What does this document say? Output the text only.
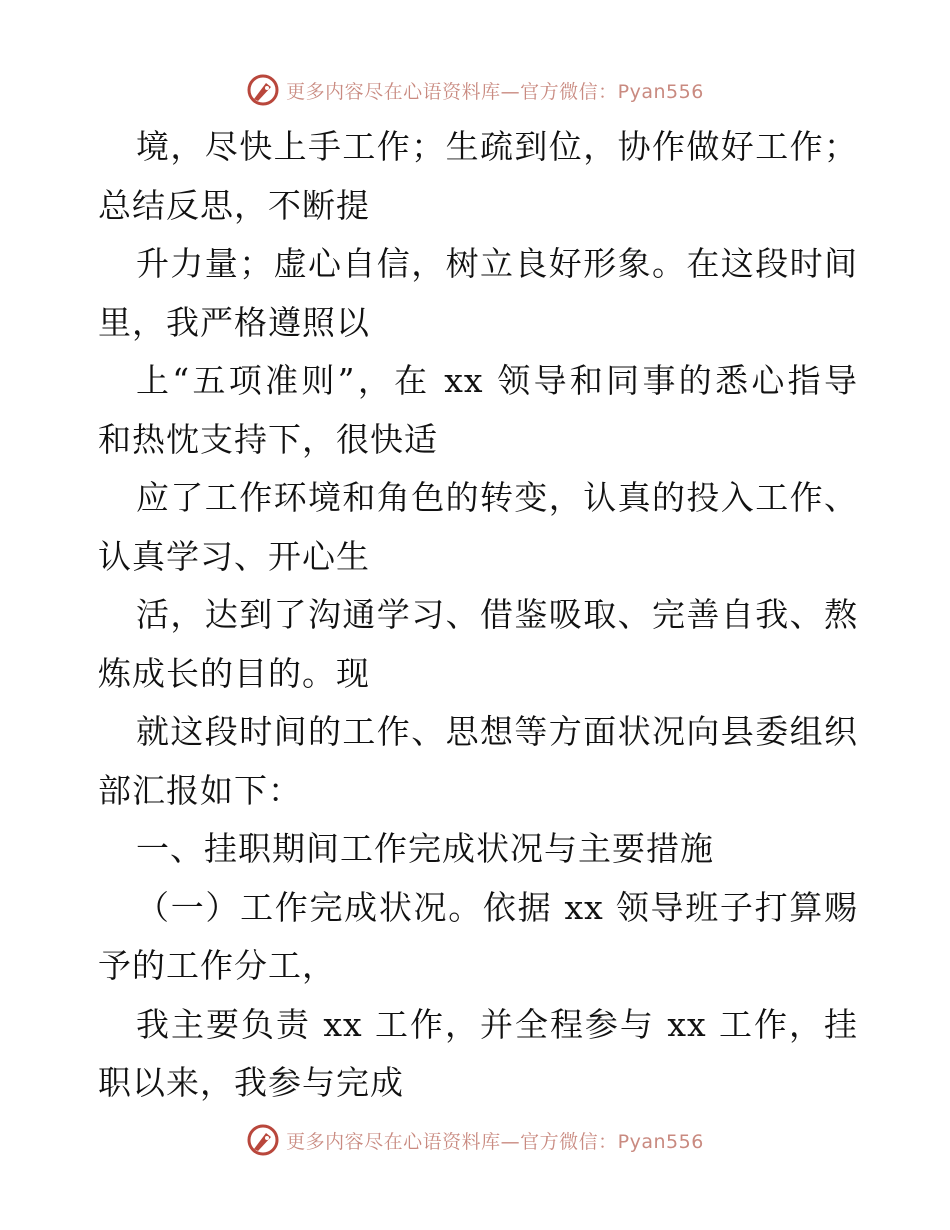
更多内容尽在心语资料库—官方微信：Pyan556
境，尽快上手工作；生疏到位，协作做好工作；
总结反思，不断提
升力量；虚心自信，树立良好形象。在这段时间
里，我严格遵照以
上“五项准则”，在 xx 领导和同事的悉心指导
和热忱支持下，很快适
应了工作环境和角色的转变，认真的投入工作、
认真学习、开心生
活，达到了沟通学习、借鉴吸取、完善自我、熬
炼成长的目的。现
就这段时间的工作、思想等方面状况向县委组织
部汇报如下：
一、挂职期间工作完成状况与主要措施
（一）工作完成状况。依据 xx 领导班子打算赐
予的工作分工，
我主要负责 xx 工作，并全程参与 xx 工作，挂
职以来，我参与完成
更多内容尽在心语资料库—官方微信：Pyan556
